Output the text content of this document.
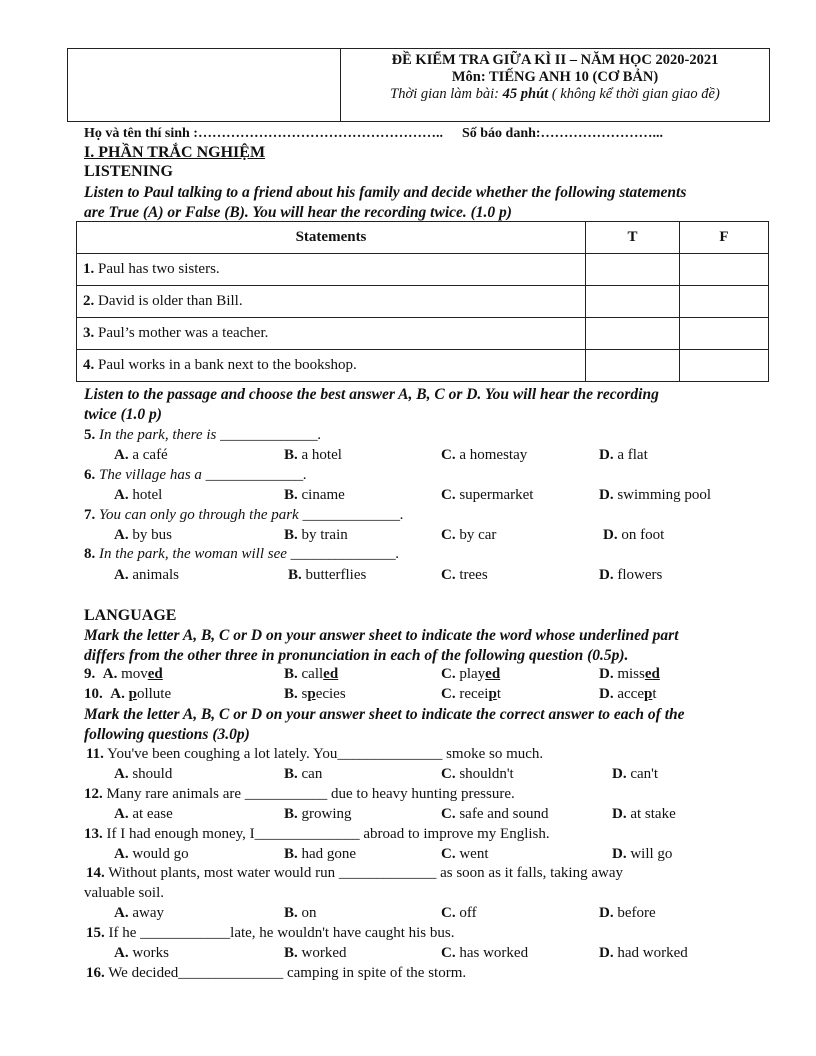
ĐỀ KIỂM TRA GIỮA KÌ II – NĂM HỌC 2020-2021
Môn: TIẾNG ANH 10 (CƠ BẢN)
Thời gian làm bài: 45 phút ( không kể thời gian giao đề)
Họ và tên thí sinh :…………………………………………….. Số báo danh:……………………...
I. PHẦN TRẮC NGHIỆM
LISTENING
Listen to Paul talking to a friend about his family and decide whether the following statements
are True (A) or False (B). You will hear the recording twice. (1.0 p)
Statements	T	F
1. Paul has two sisters.		
2. David is older than Bill.		
3. Paul’s mother was a teacher.		
4. Paul works in a bank next to the bookshop.		
Listen to the passage and choose the best answer A, B, C or D. You will hear the recording
twice (1.0 p)
5. In the park, there is _____________.
A. a café	B. a hotel	C. a homestay	D. a flat
6. The village has a _____________.
A. hotel	B. ciname	C. supermarket	D. swimming pool
7. You can only go through the park _____________.
A. by bus	B. by train	C. by car	D. on foot
8. In the park, the woman will see ______________.
A. animals	B. butterflies	C. trees	D. flowers
LANGUAGE
Mark the letter A, B, C or D on your answer sheet to indicate the word whose underlined part
differs from the other three in pronunciation in each of the following question (0.5p).
9. A. moved	B. called	C. played	D. missed
10. A. pollute	B. species	C. receipt	D. accept
Mark the letter A, B, C or D on your answer sheet to indicate the correct answer to each of the
following questions (3.0p)
11. You've been coughing a lot lately. You______________ smoke so much.
A. should	B. can	C. shouldn't	D. can't
12. Many rare animals are ___________ due to heavy hunting pressure.
A. at ease	B. growing	C. safe and sound	D. at stake
13. If I had enough money, I______________ abroad to improve my English.
A. would go	B. had gone	C. went	D. will go
14. Without plants, most water would run _____________ as soon as it falls, taking away
valuable soil.
A. away	B. on	C. off	D. before
15. If he ____________late, he wouldn't have caught his bus.
A. works	B. worked	C. has worked	D. had worked
16. We decided______________ camping in spite of the storm.
